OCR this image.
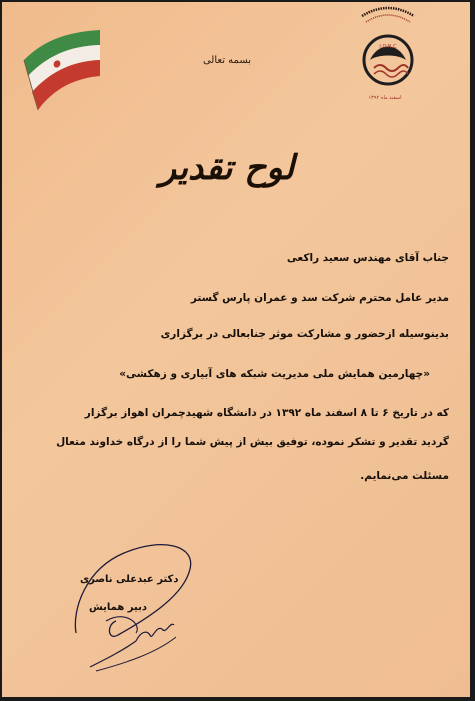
I.O.N.C
اسفند ماه ۱۳۹۲
بسمه تعالی
لوح تقدیر
جناب آقای مهندس سعید راکعی
مدیر عامل محترم شرکت سد و عمران پارس گستر
بدینوسیله ازحضور و مشارکت موثر جنابعالی در برگزاری
«چهارمین همایش ملی مدیریت شبکه های آبیاری و زهکشی»
که در تاریخ ۶ تا ۸ اسفند ماه ۱۳۹۲ در دانشگاه شهیدچمران اهواز برگزار
گردید تقدیر و تشکر نموده، توفیق بیش از پیش شما را از درگاه خداوند متعال
مسئلت می‌نمایم.
دکتر عبدعلی ناصری
دبیر همایش
